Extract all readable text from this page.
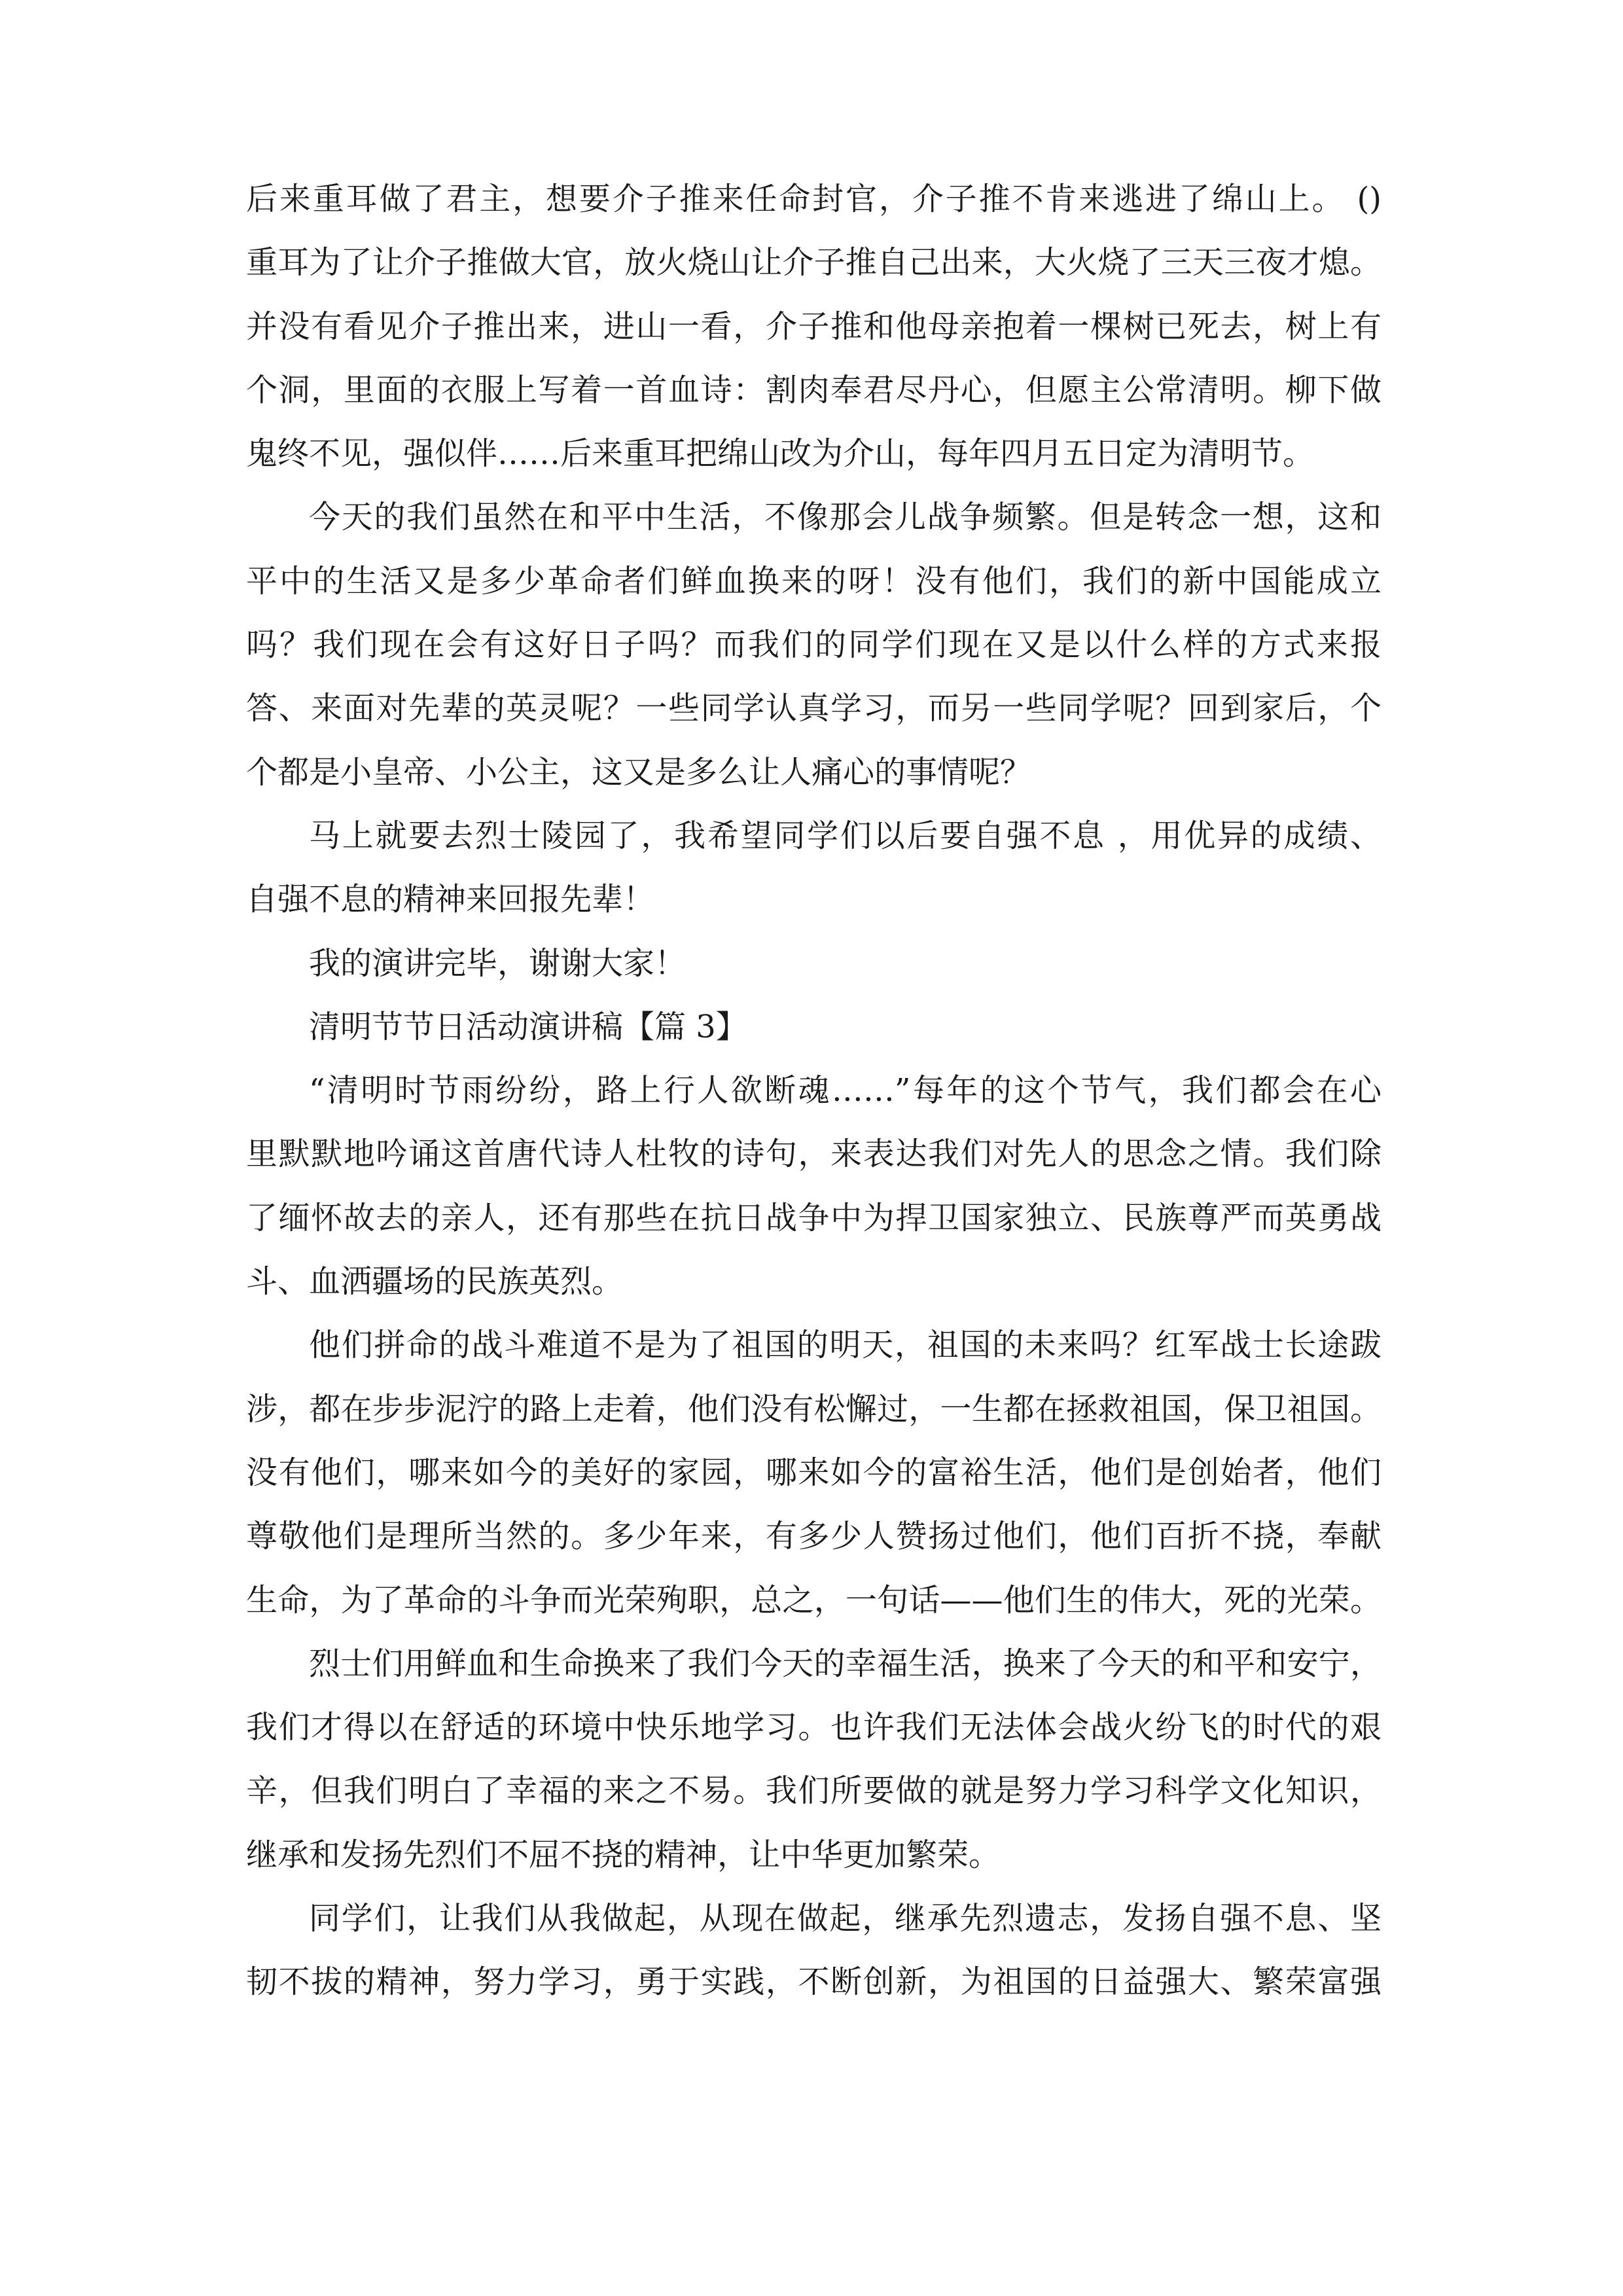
后来重耳做了君主，想要介子推来任命封官，介子推不肯来逃进了绵山上。 ()
重耳为了让介子推做大官，放火烧山让介子推自己出来，大火烧了三天三夜才熄。
并没有看见介子推出来，进山一看，介子推和他母亲抱着一棵树已死去，树上有
个洞，里面的衣服上写着一首血诗：割肉奉君尽丹心，但愿主公常清明。柳下做
鬼终不见，强似伴……后来重耳把绵山改为介山，每年四月五日定为清明节。
今天的我们虽然在和平中生活，不像那会儿战争频繁。但是转念一想，这和
平中的生活又是多少革命者们鲜血换来的呀！没有他们，我们的新中国能成立
吗？我们现在会有这好日子吗？而我们的同学们现在又是以什么样的方式来报
答、来面对先辈的英灵呢？一些同学认真学习，而另一些同学呢？回到家后，个
个都是小皇帝、小公主，这又是多么让人痛心的事情呢？
马上就要去烈士陵园了，我希望同学们以后要自强不息 ，用优异的成绩、
自强不息的精神来回报先辈！
我的演讲完毕，谢谢大家！
清明节节日活动演讲稿【篇 3】
“清明时节雨纷纷，路上行人欲断魂……”每年的这个节气，我们都会在心
里默默地吟诵这首唐代诗人杜牧的诗句，来表达我们对先人的思念之情。我们除
了缅怀故去的亲人，还有那些在抗日战争中为捍卫国家独立、民族尊严而英勇战
斗、血洒疆场的民族英烈。
他们拼命的战斗难道不是为了祖国的明天，祖国的未来吗？红军战士长途跋
涉，都在步步泥泞的路上走着，他们没有松懈过，一生都在拯救祖国，保卫祖国。
没有他们，哪来如今的美好的家园，哪来如今的富裕生活，他们是创始者，他们
尊敬他们是理所当然的。多少年来，有多少人赞扬过他们，他们百折不挠，奉献
生命，为了革命的斗争而光荣殉职，总之，一句话——他们生的伟大，死的光荣。
烈士们用鲜血和生命换来了我们今天的幸福生活，换来了今天的和平和安宁，
我们才得以在舒适的环境中快乐地学习。也许我们无法体会战火纷飞的时代的艰
辛，但我们明白了幸福的来之不易。我们所要做的就是努力学习科学文化知识，
继承和发扬先烈们不屈不挠的精神，让中华更加繁荣。
同学们，让我们从我做起，从现在做起，继承先烈遗志，发扬自强不息、坚
韧不拔的精神，努力学习，勇于实践，不断创新，为祖国的日益强大、繁荣富强
